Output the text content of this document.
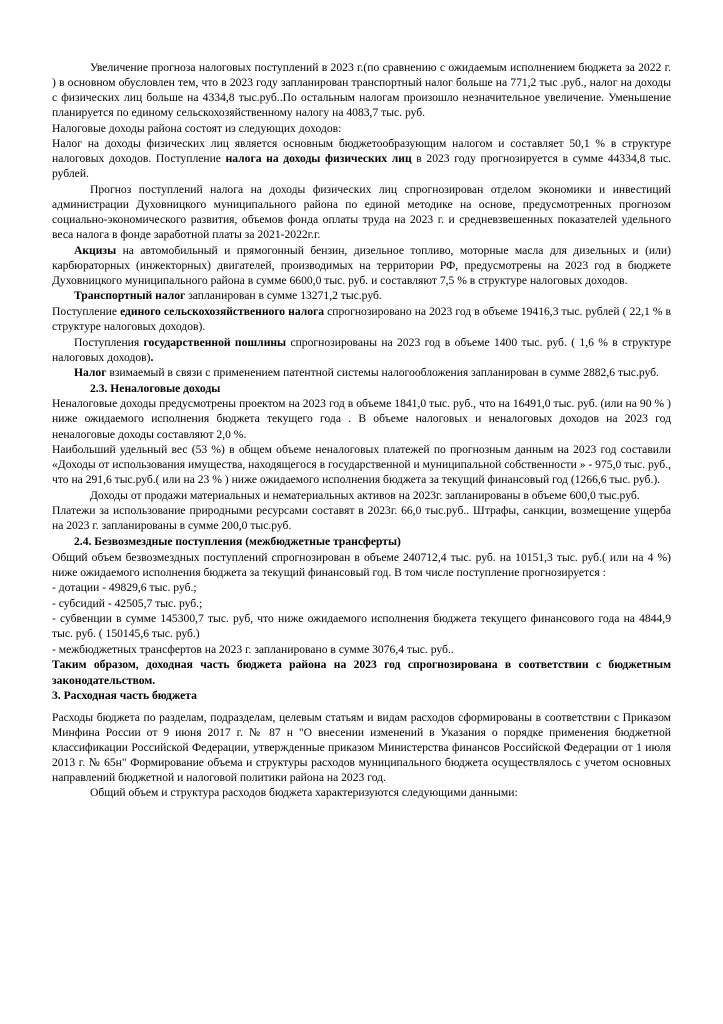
Увеличение прогноза налоговых поступлений в 2023 г.(по сравнению с ожидаемым исполнением бюджета за 2022 г. ) в основном обусловлен тем, что в 2023 году запланирован транспортный налог больше на 771,2 тыс .руб., налог на доходы с физических лиц больше на 4334,8 тыс.руб..По остальным налогам произошло незначительное увеличение. Уменьшение планируется по единому сельскохозяйственному налогу на 4083,7 тыс. руб.

Налоговые доходы района состоят из следующих доходов:

Налог на доходы физических лиц является основным бюджетообразующим налогом и составляет 50,1 % в структуре налоговых доходов. Поступление налога на доходы физических лиц в 2023 году прогнозируется в сумме 44334,8 тыс. рублей.

Прогноз поступлений налога на доходы физических лиц спрогнозирован отделом экономики и инвестиций администрации Духовницкого муниципального района по единой методике на основе, предусмотренных прогнозом социально-экономического развития, объемов фонда оплаты труда на 2023 г. и средневзвешенных показателей удельного веса налога в фонде заработной платы за 2021-2022г.г.

Акцизы на автомобильный и прямогонный бензин, дизельное топливо, моторные масла для дизельных и (или) карбюраторных (инжекторных) двигателей, производимых на территории РФ, предусмотрены на 2023 год в бюджете Духовницкого муниципального района в сумме 6600,0 тыс. руб. и составляют 7,5 % в структуре налоговых доходов.

Транспортный налог запланирован в сумме 13271,2 тыс.руб.

Поступление единого сельскохозяйственного налога спрогнозировано на 2023 год в объеме 19416,3 тыс. рублей ( 22,1 % в структуре налоговых доходов).

Поступления государственной пошлины спрогнозированы на 2023 год в объеме 1400 тыс. руб. ( 1,6 % в структуре налоговых доходов).

Налог взимаемый в связи с применением патентной системы налогообложения запланирован в сумме 2882,6 тыс.руб.

2.3. Неналоговые доходы

Неналоговые доходы предусмотрены проектом на 2023 год в объеме 1841,0 тыс. руб., что на 16491,0 тыс. руб. (или на 90 % ) ниже ожидаемого исполнения бюджета текущего года . В объеме налоговых и неналоговых доходов на 2023 год неналоговые доходы составляют 2,0 %.

Наибольший удельный вес (53 %) в общем объеме неналоговых платежей по прогнозным данным на 2023 год составили «Доходы от использования имущества, находящегося в государственной и муниципальной собственности » - 975,0 тыс. руб., что на 291,6 тыс.руб.( или на 23 % ) ниже ожидаемого исполнения бюджета за текущий финансовый год (1266,6 тыс. руб.).

Доходы от продажи материальных и нематериальных активов на 2023г. запланированы в объеме 600,0 тыс.руб.

Платежи за использование природными ресурсами составят в 2023г. 66,0 тыс.руб.. Штрафы, санкции, возмещение ущерба на 2023 г. запланированы в сумме 200,0 тыс.руб.

2.4. Безвозмездные поступления (межбюджетные трансферты)

Общий объем безвозмездных поступлений спрогнозирован в объеме 240712,4 тыс. руб. на 10151,3 тыс. руб.( или на 4 %) ниже ожидаемого исполнения бюджета за текущий финансовый год. В том числе поступление прогнозируется :

- дотации - 49829,6 тыс. руб.;

- субсидий - 42505,7 тыс. руб.;

- субвенции в сумме 145300,7 тыс. руб, что ниже ожидаемого исполнения бюджета текущего финансового года на 4844,9 тыс. руб. ( 150145,6 тыс. руб.)

- межбюджетных трансфертов на 2023 г. запланировано в сумме 3076,4 тыс. руб..

Таким образом, доходная часть бюджета района на 2023 год спрогнозирована в соответствии с бюджетным законодательством.

3. Расходная часть бюджета

Расходы бюджета по разделам, подразделам, целевым статьям и видам расходов сформированы в соответствии с Приказом Минфина России от 9 июня 2017 г. № 87 н "О внесении изменений в Указания о порядке применения бюджетной классификации Российской Федерации, утвержденные приказом Министерства финансов Российской Федерации от 1 июля 2013 г. № 65н" Формирование объема и структуры расходов муниципального бюджета осуществлялось с учетом основных направлений бюджетной и налоговой политики района на 2023 год.

Общий объем и структура расходов бюджета характеризуются следующими данными:
